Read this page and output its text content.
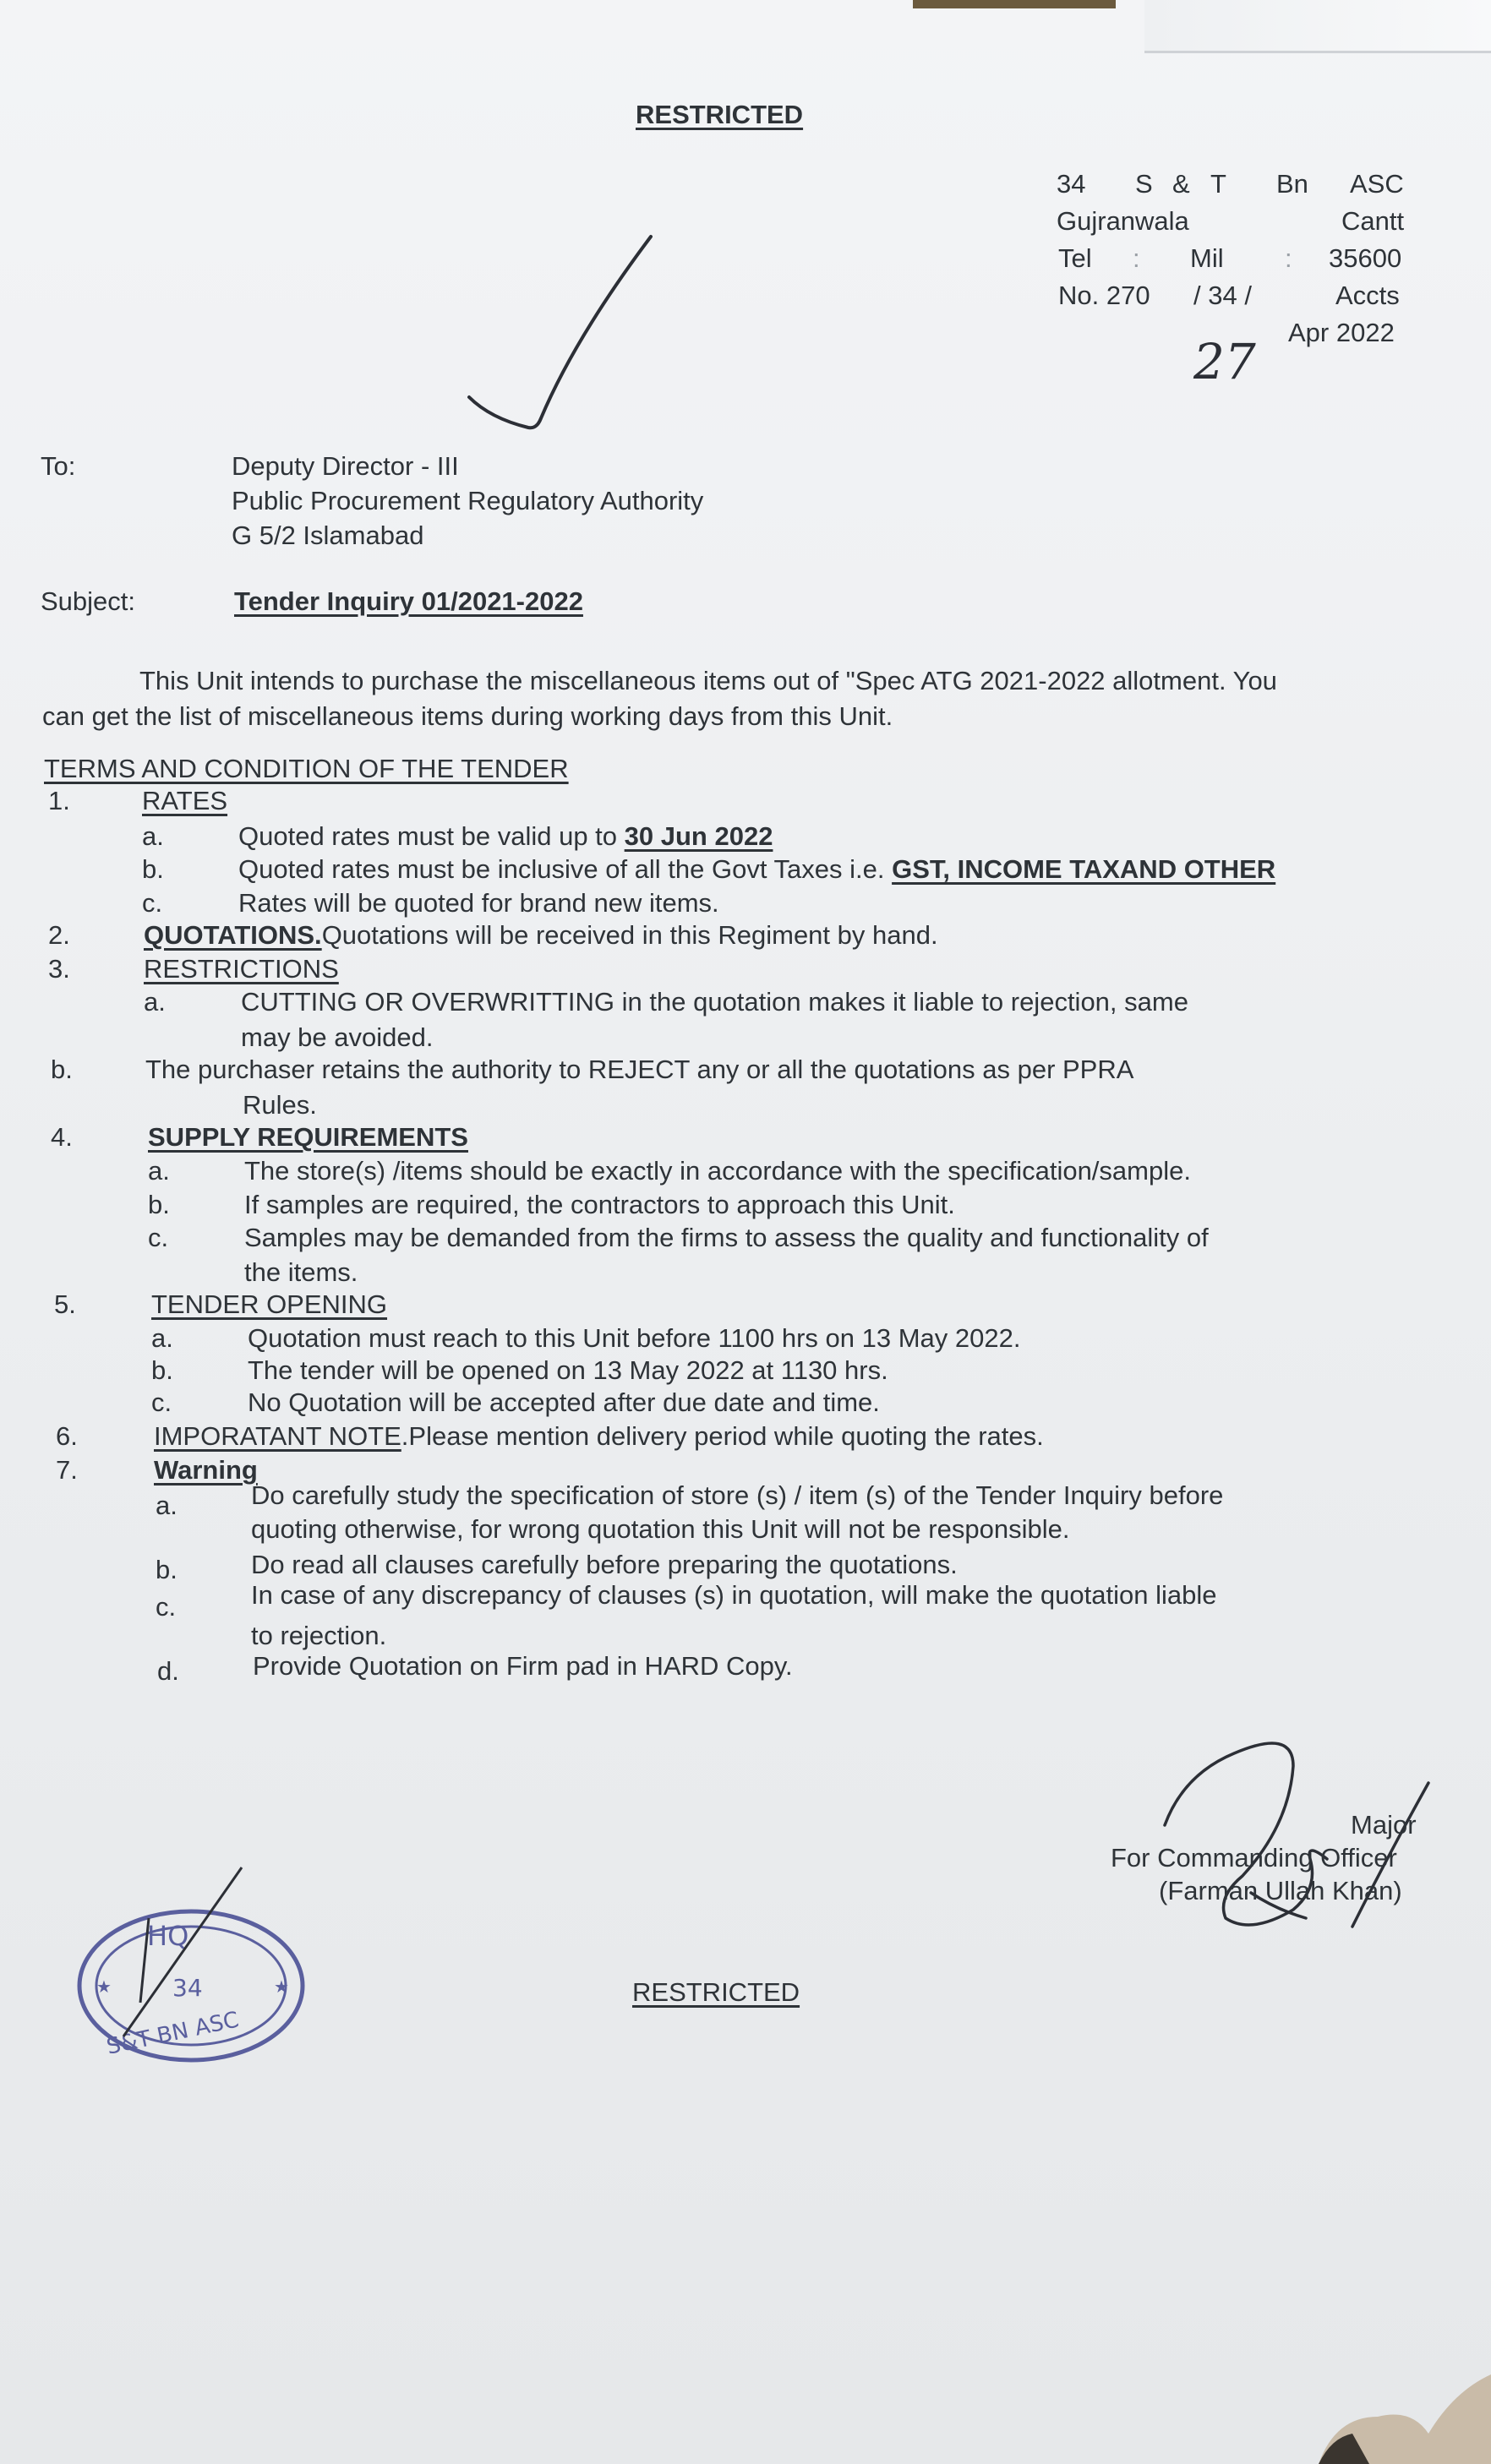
RESTRICTED
34 S & T Bn ASC
Gujranwala	Cantt
Tel : Mil : 35600
No. 270 / 34 /	Accts
Apr 2022
27
To:	Deputy Director - III
Public Procurement Regulatory Authority
G 5/2 Islamabad
Subject:	Tender Inquiry 01/2021-2022
This Unit intends to purchase the miscellaneous items out of "Spec ATG 2021-2022 allotment. You
can get the list of miscellaneous items during working days from this Unit.
TERMS AND CONDITION OF THE TENDER
1.	RATES
a.	Quoted rates must be valid up to 30 Jun 2022
b.	Quoted rates must be inclusive of all the Govt Taxes i.e. GST, INCOME TAXAND OTHER
c.	Rates will be quoted for brand new items.
2.	QUOTATIONS.Quotations will be received in this Regiment by hand.
3.	RESTRICTIONS
a.	CUTTING OR OVERWRITTING in the quotation makes it liable to rejection, same
may be avoided.
b.	The purchaser retains the authority to REJECT any or all the quotations as per PPRA
Rules.
4.	SUPPLY REQUIREMENTS
a.	The store(s) /items should be exactly in accordance with the specification/sample.
b.	If samples are required, the contractors to approach this Unit.
c.	Samples may be demanded from the firms to assess the quality and functionality of
the items.
5.	TENDER OPENING
a.	Quotation must reach to this Unit before 1100 hrs on 13 May 2022.
b.	The tender will be opened on 13 May 2022 at 1130 hrs.
c.	No Quotation will be accepted after due date and time.
6.	IMPORATANT NOTE.Please mention delivery period while quoting the rates.
7.	Warning
a.	Do carefully study the specification of store (s) / item (s) of the Tender Inquiry before
quoting otherwise, for wrong quotation this Unit will not be responsible.
b.	Do read all clauses carefully before preparing the quotations.
c.	In case of any discrepancy of clauses (s) in quotation, will make the quotation liable
to rejection.
d.	Provide Quotation on Firm pad in HARD Copy.
Major
For Commanding Officer
(Farman Ullah Khan)
HQ
34
S&T BN ASC
★	★	RESTRICTED
